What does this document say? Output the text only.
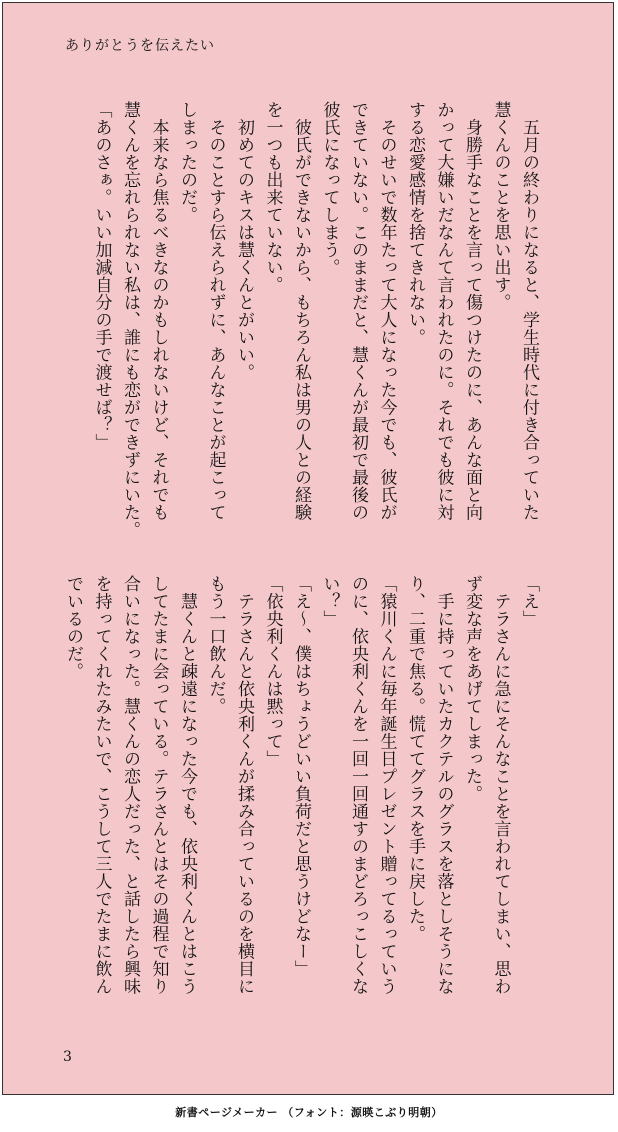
ありがとうを伝えたい
　五月の終わりになると、学生時代に付き合っていた
慧くんのことを思い出す。
　身勝手なことを言って傷つけたのに、あんな面と向
かって大嫌いだなんて言われたのに。それでも彼に対
する恋愛感情を捨てきれない。
　そのせいで数年たって大人になった今でも、彼氏が
できていない。このままだと、慧くんが最初で最後の
彼氏になってしまう。
　彼氏ができないから、もちろん私は男の人との経験
を一つも出来ていない。
　初めてのキスは慧くんとがいい。
　そのことすら伝えられずに、あんなことが起こって
しまったのだ。
　本来なら焦るべきなのかもしれないけど、それでも
慧くんを忘れられない私は、誰にも恋ができずにいた。
「あのさぁ。いい加減自分の手で渡せば？」
「え」
　テラさんに急にそんなことを言われてしまい、思わ
ず変な声をあげてしまった。
　手に持っていたカクテルのグラスを落としそうにな
り、二重で焦る。慌ててグラスを手に戻した。
「猿川くんに毎年誕生日プレゼント贈ってるっていう
のに、依央利くんを一回一回通すのまどろっこしくな
い？」
「え〜、僕はちょうどいい負荷だと思うけどなー」
「依央利くんは黙って」
　テラさんと依央利くんが揉み合っているのを横目に
もう一口飲んだ。
　慧くんと疎遠になった今でも、依央利くんとはこう
してたまに会っている。テラさんとはその過程で知り
合いになった。慧くんの恋人だった、と話したら興味
を持ってくれたみたいで、こうして三人でたまに飲ん
でいるのだ。
3
新書ページメーカー （フォント：源暎こぶり明朝）
